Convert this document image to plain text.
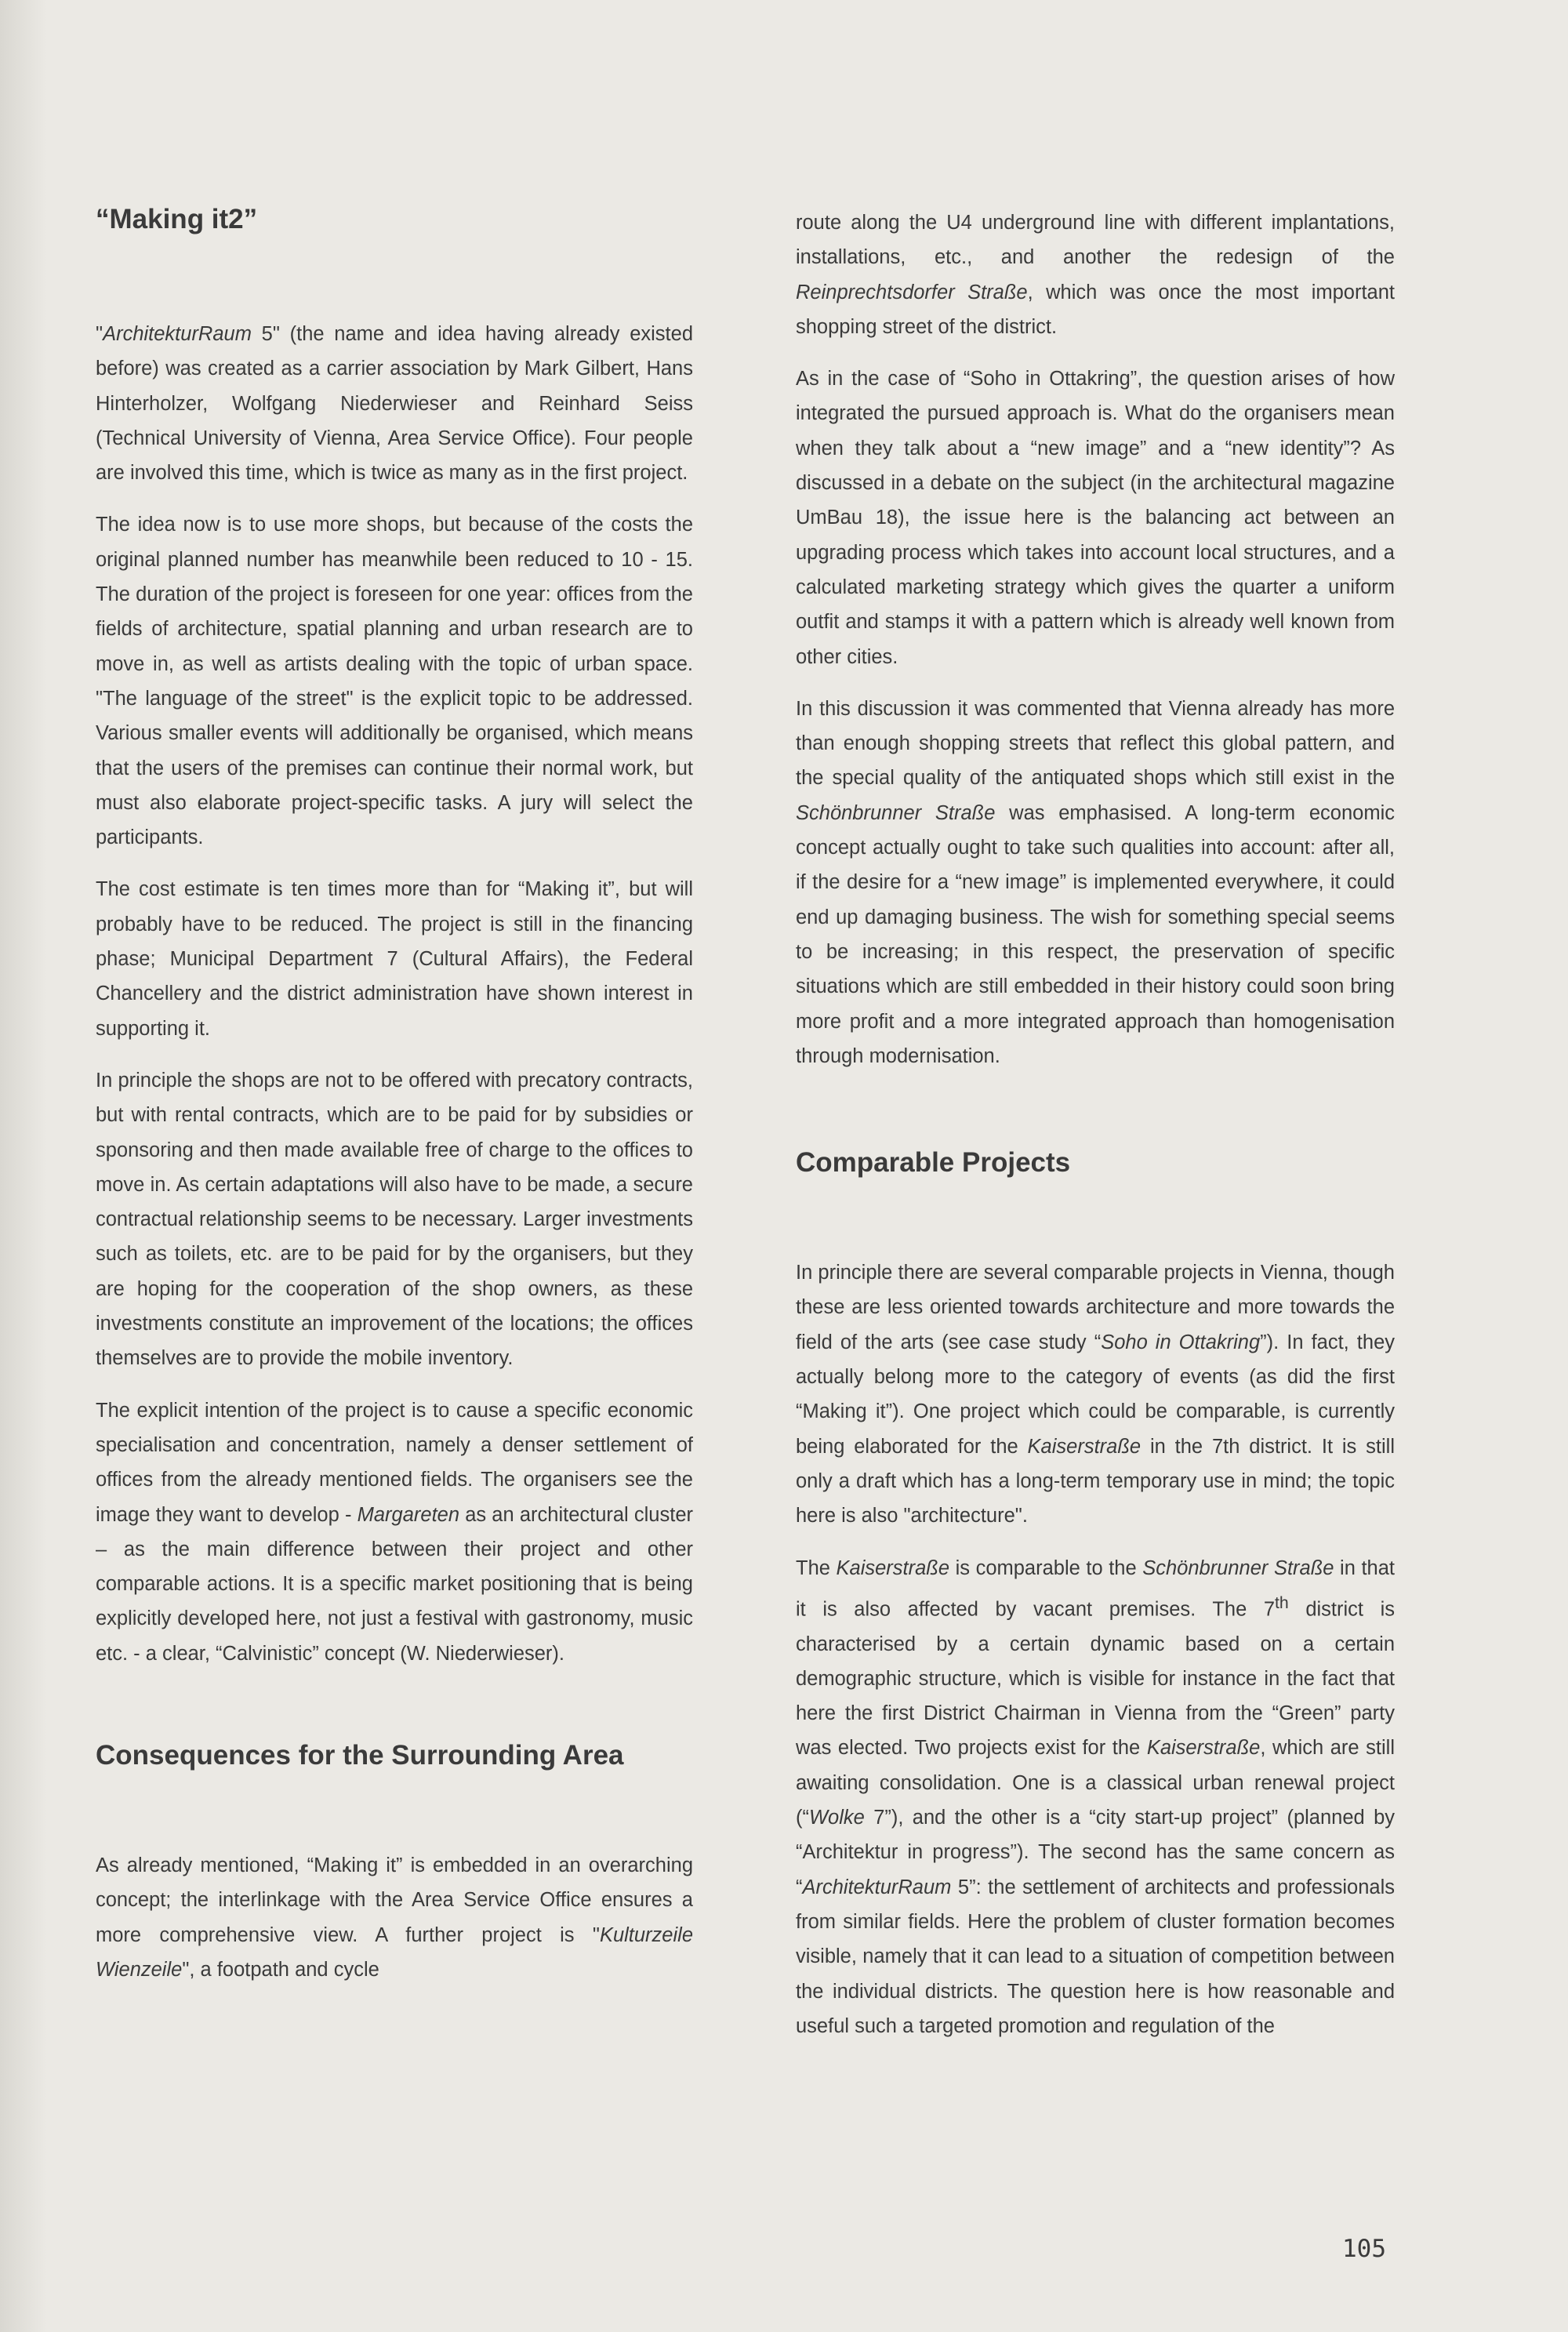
“Making it2”

"ArchitekturRaum 5" (the name and idea having already existed before) was created as a carrier association by Mark Gilbert, Hans Hinterholzer, Wolfgang Niederwieser and Reinhard Seiss (Technical University of Vienna, Area Service Office). Four people are involved this time, which is twice as many as in the first project.

The idea now is to use more shops, but because of the costs the original planned number has meanwhile been reduced to 10 - 15. The duration of the project is foreseen for one year: offices from the fields of architecture, spatial planning and urban research are to move in, as well as artists dealing with the topic of urban space. "The language of the street" is the explicit topic to be addressed. Various smaller events will additionally be organised, which means that the users of the premises can continue their normal work, but must also elaborate project-specific tasks. A jury will select the participants.

The cost estimate is ten times more than for “Making it”, but will probably have to be reduced. The project is still in the financing phase; Municipal Department 7 (Cultural Affairs), the Federal Chancellery and the district administration have shown interest in supporting it.

In principle the shops are not to be offered with precatory contracts, but with rental contracts, which are to be paid for by subsidies or sponsoring and then made available free of charge to the offices to move in. As certain adaptations will also have to be made, a secure contractual relationship seems to be necessary. Larger investments such as toilets, etc. are to be paid for by the organisers, but they are hoping for the cooperation of the shop owners, as these investments constitute an improvement of the locations; the offices themselves are to provide the mobile inventory.

The explicit intention of the project is to cause a specific economic specialisation and concentration, namely a denser settlement of offices from the already mentioned fields. The organisers see the image they want to develop - Margareten as an architectural cluster – as the main difference between their project and other comparable actions. It is a specific market positioning that is being explicitly developed here, not just a festival with gastronomy, music etc. - a clear, “Calvinistic” concept (W. Niederwieser).

Consequences for the Surrounding Area

As already mentioned, “Making it” is embedded in an overarching concept; the interlinkage with the Area Service Office ensures a more comprehensive view. A further project is "Kulturzeile Wienzeile", a footpath and cycle

route along the U4 underground line with different implantations, installations, etc., and another the redesign of the Reinprechtsdorfer Straße, which was once the most important shopping street of the district.

As in the case of “Soho in Ottakring”, the question arises of how integrated the pursued approach is. What do the organisers mean when they talk about a “new image” and a “new identity”? As discussed in a debate on the subject (in the architectural magazine UmBau 18), the issue here is the balancing act between an upgrading process which takes into account local structures, and a calculated marketing strategy which gives the quarter a uniform outfit and stamps it with a pattern which is already well known from other cities.

In this discussion it was commented that Vienna already has more than enough shopping streets that reflect this global pattern, and the special quality of the antiquated shops which still exist in the Schönbrunner Straße was emphasised. A long-term economic concept actually ought to take such qualities into account: after all, if the desire for a “new image” is implemented everywhere, it could end up damaging business. The wish for something special seems to be increasing; in this respect, the preservation of specific situations which are still embedded in their history could soon bring more profit and a more integrated approach than homogenisation through modernisation.

Comparable Projects

In principle there are several comparable projects in Vienna, though these are less oriented towards architecture and more towards the field of the arts (see case study “Soho in Ottakring”). In fact, they actually belong more to the category of events (as did the first “Making it”). One project which could be comparable, is currently being elaborated for the Kaiserstraße in the 7th district. It is still only a draft which has a long-term temporary use in mind; the topic here is also "architecture".

The Kaiserstraße is comparable to the Schönbrunner Straße in that it is also affected by vacant premises. The 7th district is characterised by a certain dynamic based on a certain demographic structure, which is visible for instance in the fact that here the first District Chairman in Vienna from the “Green” party was elected. Two projects exist for the Kaiserstraße, which are still awaiting consolidation. One is a classical urban renewal project (“Wolke 7”), and the other is a “city start-up project” (planned by “Architektur in progress”). The second has the same concern as “ArchitekturRaum 5”: the settlement of architects and professionals from similar fields. Here the problem of cluster formation becomes visible, namely that it can lead to a situation of competition between the individual districts. The question here is how reasonable and useful such a targeted promotion and regulation of the

105
